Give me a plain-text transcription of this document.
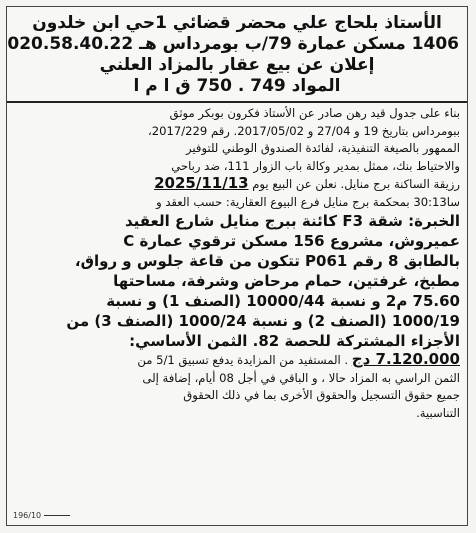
الأستاذ بلحاج علي محضر قضائي 1حي ابن خلدون
1406 مسكن عمارة 79/ب بومرداس هـ 020.58.40.22
إعلان عن بيع عقار بالمزاد العلني
المواد 749 . 750 ق ا م ا
بناء على جدول قيد رهن صادر عن الأستاذ فكرون بوبكر موثق
ببومرداس بتاريخ 19 و 27/04 و 2017/05/02. رقم 2017/229،
الممهور بالصيغة التنفيذية، لفائدة الصندوق الوطني للتوفير
والاحتياط بنك، ممثل بمدير وكالة باب الزوار 111، ضد رباحي
رزيقة الساكنة برج منايل. نعلن عن البيع يوم 2025/11/13
سا30:13 بمحكمة برج منايل فرع البيوع العقارية: حسب العقد و
الخبرة: شقة F3 كائنة ببرج منايل شارع العقيد
عميروش، مشروع 156 مسكن ترقوي عمارة C
بالطابق 8 رقم P061 تتكون من قاعة جلوس و رواق،
مطبخ، غرفتين، حمام مرحاض وشرفة، مساحتها
75.60 م2 و نسبة 10000/44 (الصنف 1) و نسبة
1000/19 (الصنف 2) و نسبة 1000/24 (الصنف 3) من
الأجزاء المشتركة للحصة 82. الثمن الأساسي:
7.120.000 دج . المستفيد من المزايدة يدفع تسبيق 5/1 من
الثمن الراسي به المزاد حالا ، و الباقي في أجل 08 أيام، إضافة إلى
جميع حقوق التسجيل والحقوق الأخرى بما في ذلك الحقوق
التناسبية.
196/10
